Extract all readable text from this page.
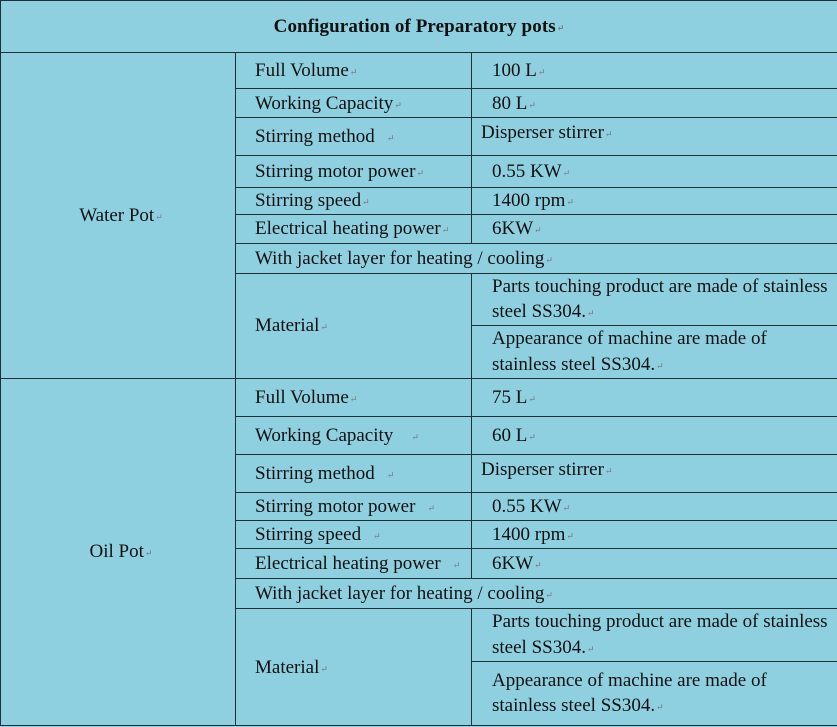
Configuration of Preparatory pots↵		
Water Pot↵	Full Volume↵	100 L↵
	Working Capacity↵	80 L↵
	Stirring method ↵	Disperser stirrer↵
	Stirring motor power↵	0.55 KW↵
	Stirring speed↵	1400 rpm↵
	Electrical heating power↵	6KW↵
	With jacket layer for heating / cooling↵	
	Material↵	Parts touching product are made of stainless steel SS304.↵
		Appearance of machine are made of stainless steel SS304.↵
Oil Pot↵	Full Volume↵	75 L↵
	Working Capacity ↵	60 L↵
	Stirring method ↵	Disperser stirrer↵
	Stirring motor power ↵	0.55 KW↵
	Stirring speed ↵	1400 rpm↵
	Electrical heating power ↵	6KW↵
	With jacket layer for heating / cooling↵	
	Material↵	Parts touching product are made of stainless steel SS304.↵
		Appearance of machine are made of stainless steel SS304.↵
